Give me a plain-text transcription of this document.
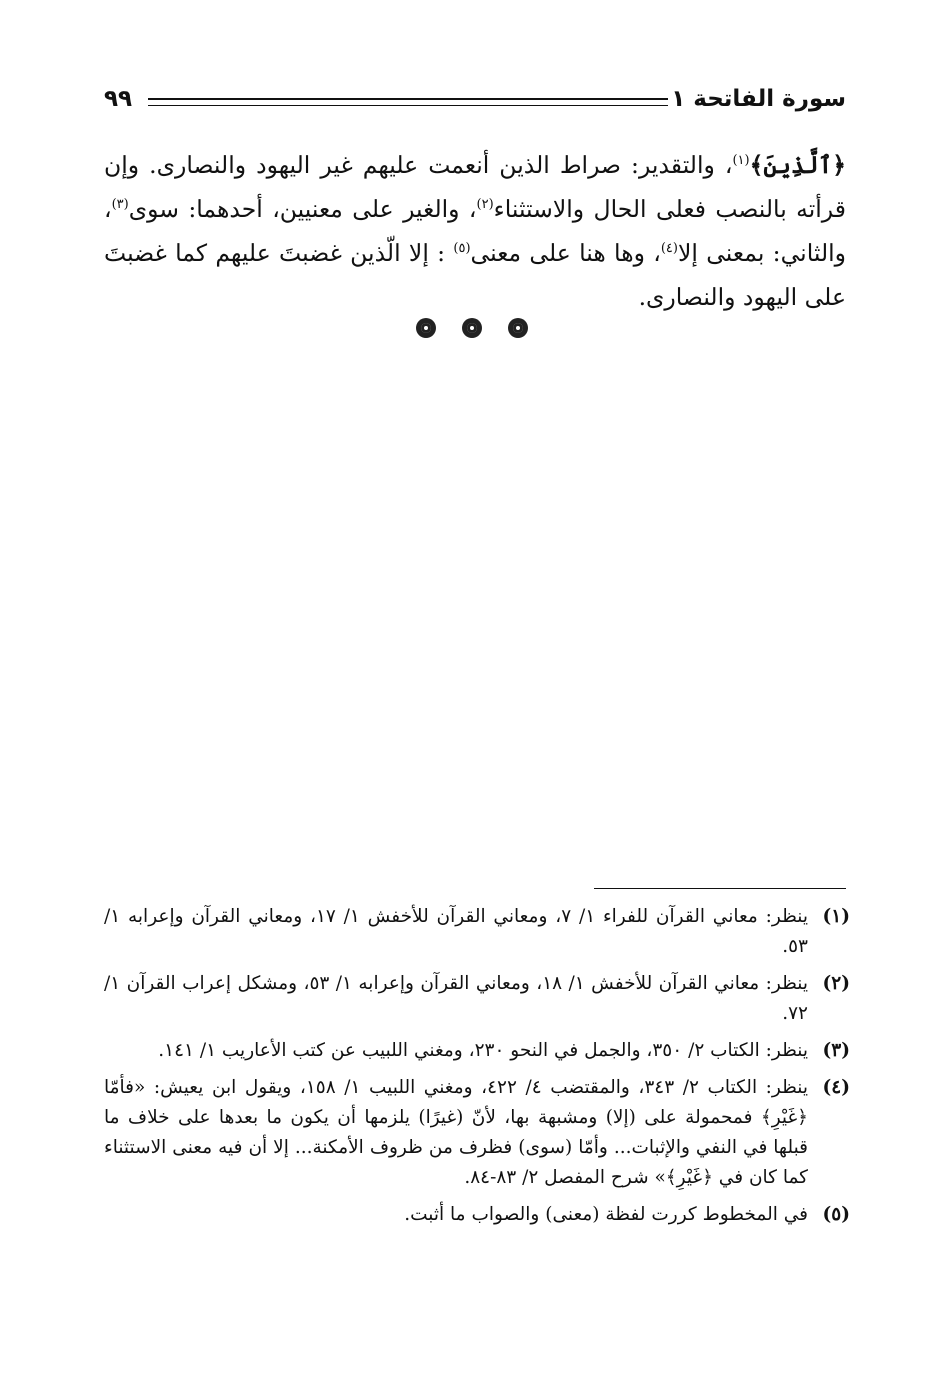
سورة الفاتحة ١
٩٩

﴿ٱلَّذِينَ﴾$^{(١)}$، والتقدير: صراط الذين أنعمت عليهم غير اليهود والنصارى. وإن قرأته بالنصب فعلى الحال والاستثناء$^{(٢)}$، والغير على معنيين، أحدهما: سوى$^{(٣)}$، والثاني: بمعنى إلا$^{(٤)}$، وها هنا على معنى$^{(٥)}$ : إلا الّذين غضبتَ عليهم كما غضبتَ على اليهود والنصارى.

(١)
ينظر: معاني القرآن للفراء ١/ ٧، ومعاني القرآن للأخفش ١/ ١٧، ومعاني القرآن وإعرابه ١/ ٥٣.
(٢)
ينظر: معاني القرآن للأخفش ١/ ١٨، ومعاني القرآن وإعرابه ١/ ٥٣، ومشكل إعراب القرآن ١/ ٧٢.
(٣)
ينظر: الكتاب ٢/ ٣٥٠، والجمل في النحو ٢٣٠، ومغني اللبيب عن كتب الأعاريب ١/ ١٤١.
(٤)
ينظر: الكتاب ٢/ ٣٤٣، والمقتضب ٤/ ٤٢٢، ومغني اللبيب ١/ ١٥٨، ويقول ابن يعيش: «فأمّا ﴿غَيْرِ﴾ فمحمولة على (إلا) ومشبهة بها، لأنّ (غيرًا) يلزمها أن يكون ما بعدها على خلاف ما قبلها في النفي والإثبات... وأمّا (سوى) فظرف من ظروف الأمكنة... إلا أن فيه معنى الاستثناء كما كان في ﴿غَيْرِ﴾» شرح المفصل ٢/ ٨٣-٨٤.
(٥)
في المخطوط كررت لفظة (معنى) والصواب ما أثبت.
